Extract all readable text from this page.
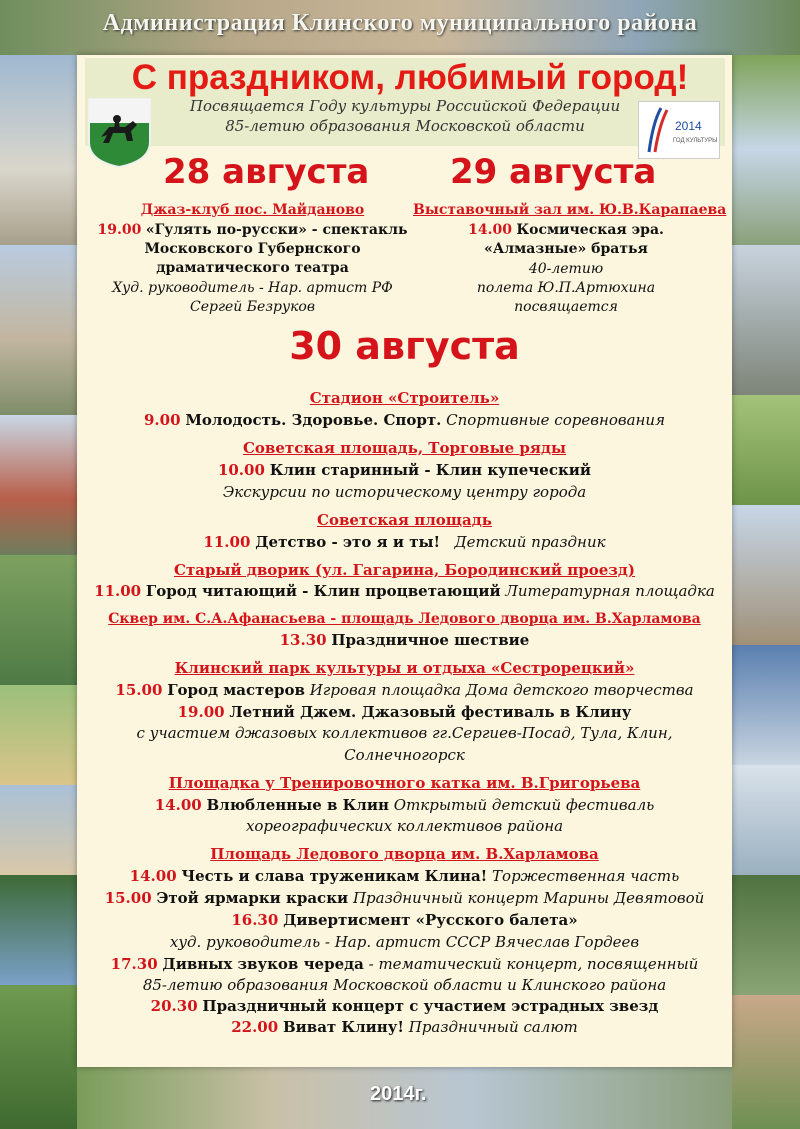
Администрация Клинского муниципального района
С праздником, любимый город!
Посвящается Году культуры Российской Федерации
85-летию образования Московской области	2014
ГОД КУЛЬТУРЫ
28 августа
Джаз-клуб пос. Майданово
19.00 «Гулять по-русски» - спектакль
Московского Губернского
драматического театра
Худ. руководитель - Нар. артист РФ
Сергей Безруков
29 августа
Выставочный зал им. Ю.В.Карапаева
14.00 Космическая эра.
«Алмазные» братья
40-летию
полета Ю.П.Артюхина
посвящается
30 августа
Стадион «Строитель»
9.00 Молодость. Здоровье. Спорт. Спортивные соревнования
Советская площадь, Торговые ряды
10.00 Клин старинный - Клин купеческий
Экскурсии по историческому центру города
Советская площадь
11.00 Детство - это я и ты! Детский праздник
Старый дворик (ул. Гагарина, Бородинский проезд)
11.00 Город читающий - Клин процветающий Литературная площадка
Сквер им. С.А.Афанасьева - площадь Ледового дворца им. В.Харламова
13.30 Праздничное шествие
Клинский парк культуры и отдыха «Сестрорецкий»
15.00 Город мастеров Игровая площадка Дома детского творчества
19.00 Летний Джем. Джазовый фестиваль в Клину
с участием джазовых коллективов гг.Сергиев-Посад, Тула, Клин,
Солнечногорск
Площадка у Тренировочного катка им. В.Григорьева
14.00 Влюбленные в Клин Открытый детский фестиваль
хореографических коллективов района
Площадь Ледового дворца им. В.Харламова
14.00 Честь и слава труженикам Клина! Торжественная часть
15.00 Этой ярмарки краски Праздничный концерт Марины Девятовой
16.30 Дивертисмент «Русского балета»
худ. руководитель - Нар. артист СССР Вячеслав Гордеев
17.30 Дивных звуков череда - тематический концерт, посвященный
85-летию образования Московской области и Клинского района
20.30 Праздничный концерт с участием эстрадных звезд
22.00 Виват Клину! Праздничный салют
2014г.
